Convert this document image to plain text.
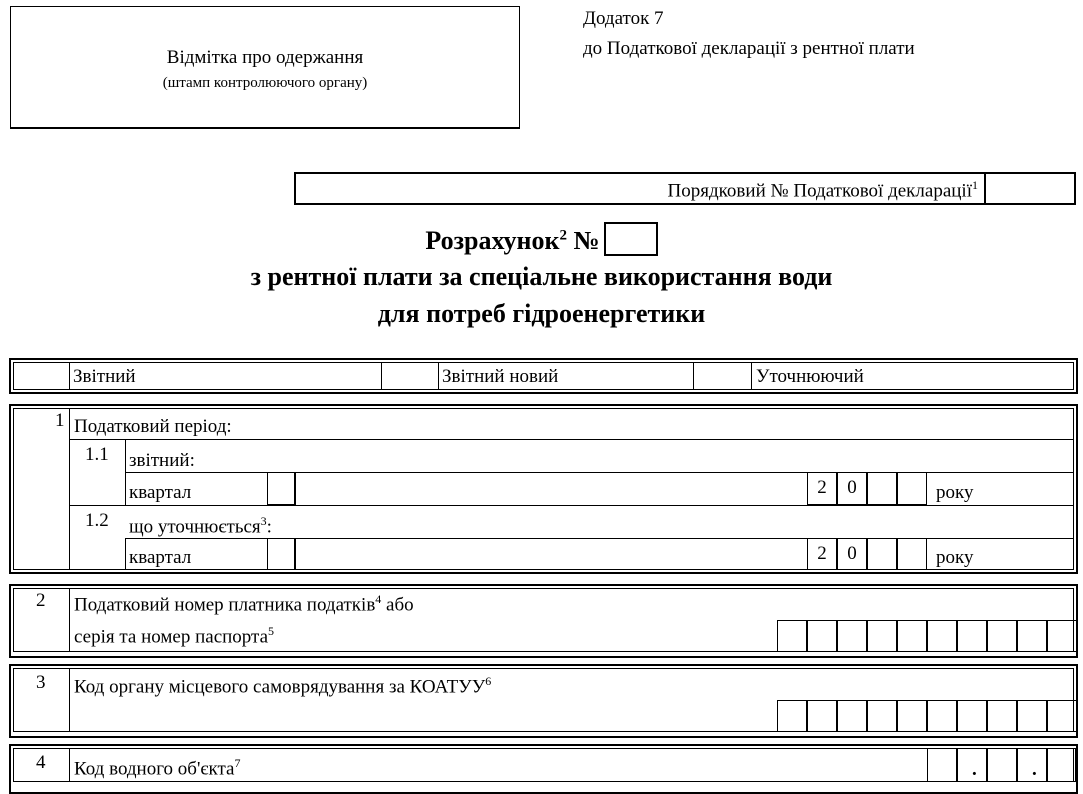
Відмітка про одержання
(штамп контролюючого органу)
Додаток 7
до Податкової декларації з рентної плати
Порядковий № Податкової декларації$^1$
Розрахунок$^2$ №
з рентної плати за спеціальне використання води
для потреб гідроенергетики
Звітний	Звітний новий	Уточнюючий
1 Податковий період:
1.1 звітний:
квартал	2	0	року
1.2 що уточнюється$^3$:
квартал	2	0	року
2 Податковий номер платника податків$^4$ або
серія та номер паспорта$^5$
3 Код органу місцевого самоврядування за КОАТУУ$^6$
4 Код водного об'єкта$^7$	.	.
